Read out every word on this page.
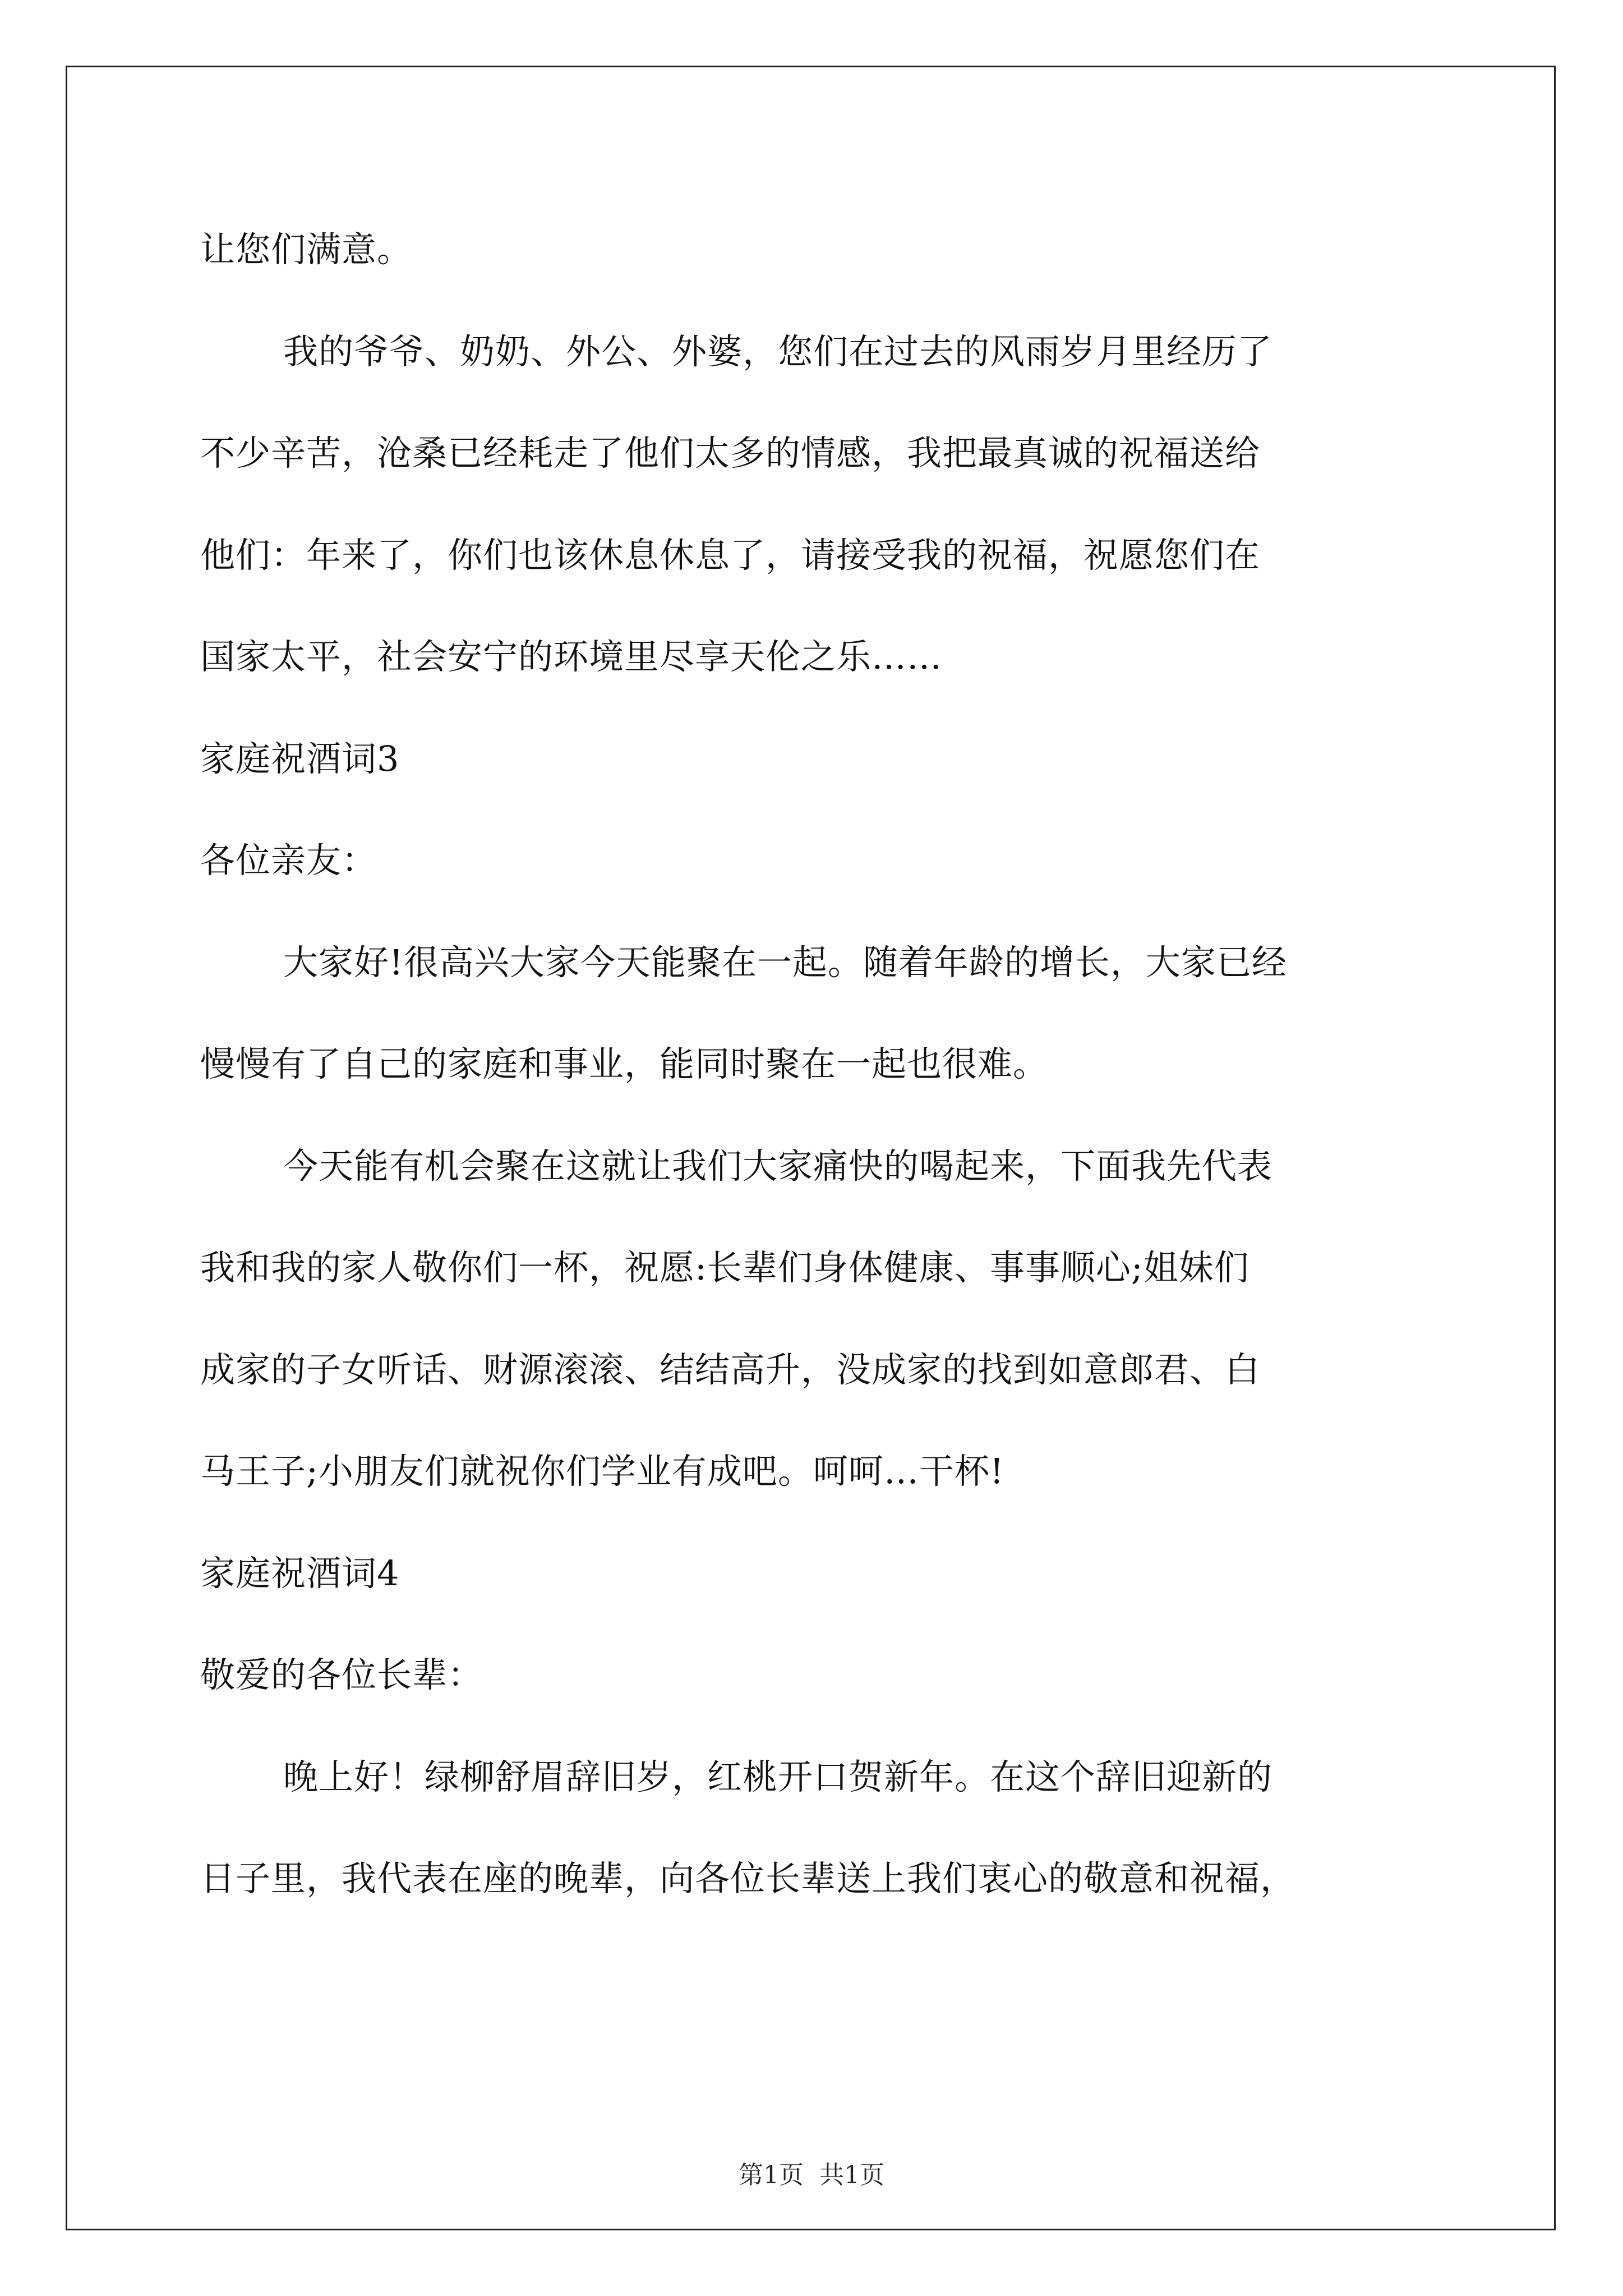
让您们满意。
我的爷爷、奶奶、外公、外婆，您们在过去的风雨岁月里经历了
不少辛苦，沧桑已经耗走了他们太多的情感，我把最真诚的祝福送给
他们：年来了，你们也该休息休息了，请接受我的祝福，祝愿您们在
国家太平，社会安宁的环境里尽享天伦之乐……
家庭祝酒词3
各位亲友：
大家好!很高兴大家今天能聚在一起。随着年龄的增长，大家已经
慢慢有了自己的家庭和事业，能同时聚在一起也很难。
今天能有机会聚在这就让我们大家痛快的喝起来，下面我先代表
我和我的家人敬你们一杯，祝愿:长辈们身体健康、事事顺心;姐妹们
成家的子女听话、财源滚滚、结结高升，没成家的找到如意郎君、白
马王子;小朋友们就祝你们学业有成吧。呵呵…干杯!
家庭祝酒词4
敬爱的各位长辈：
晚上好！绿柳舒眉辞旧岁，红桃开口贺新年。在这个辞旧迎新的
日子里，我代表在座的晚辈，向各位长辈送上我们衷心的敬意和祝福，
第1页  共1页
